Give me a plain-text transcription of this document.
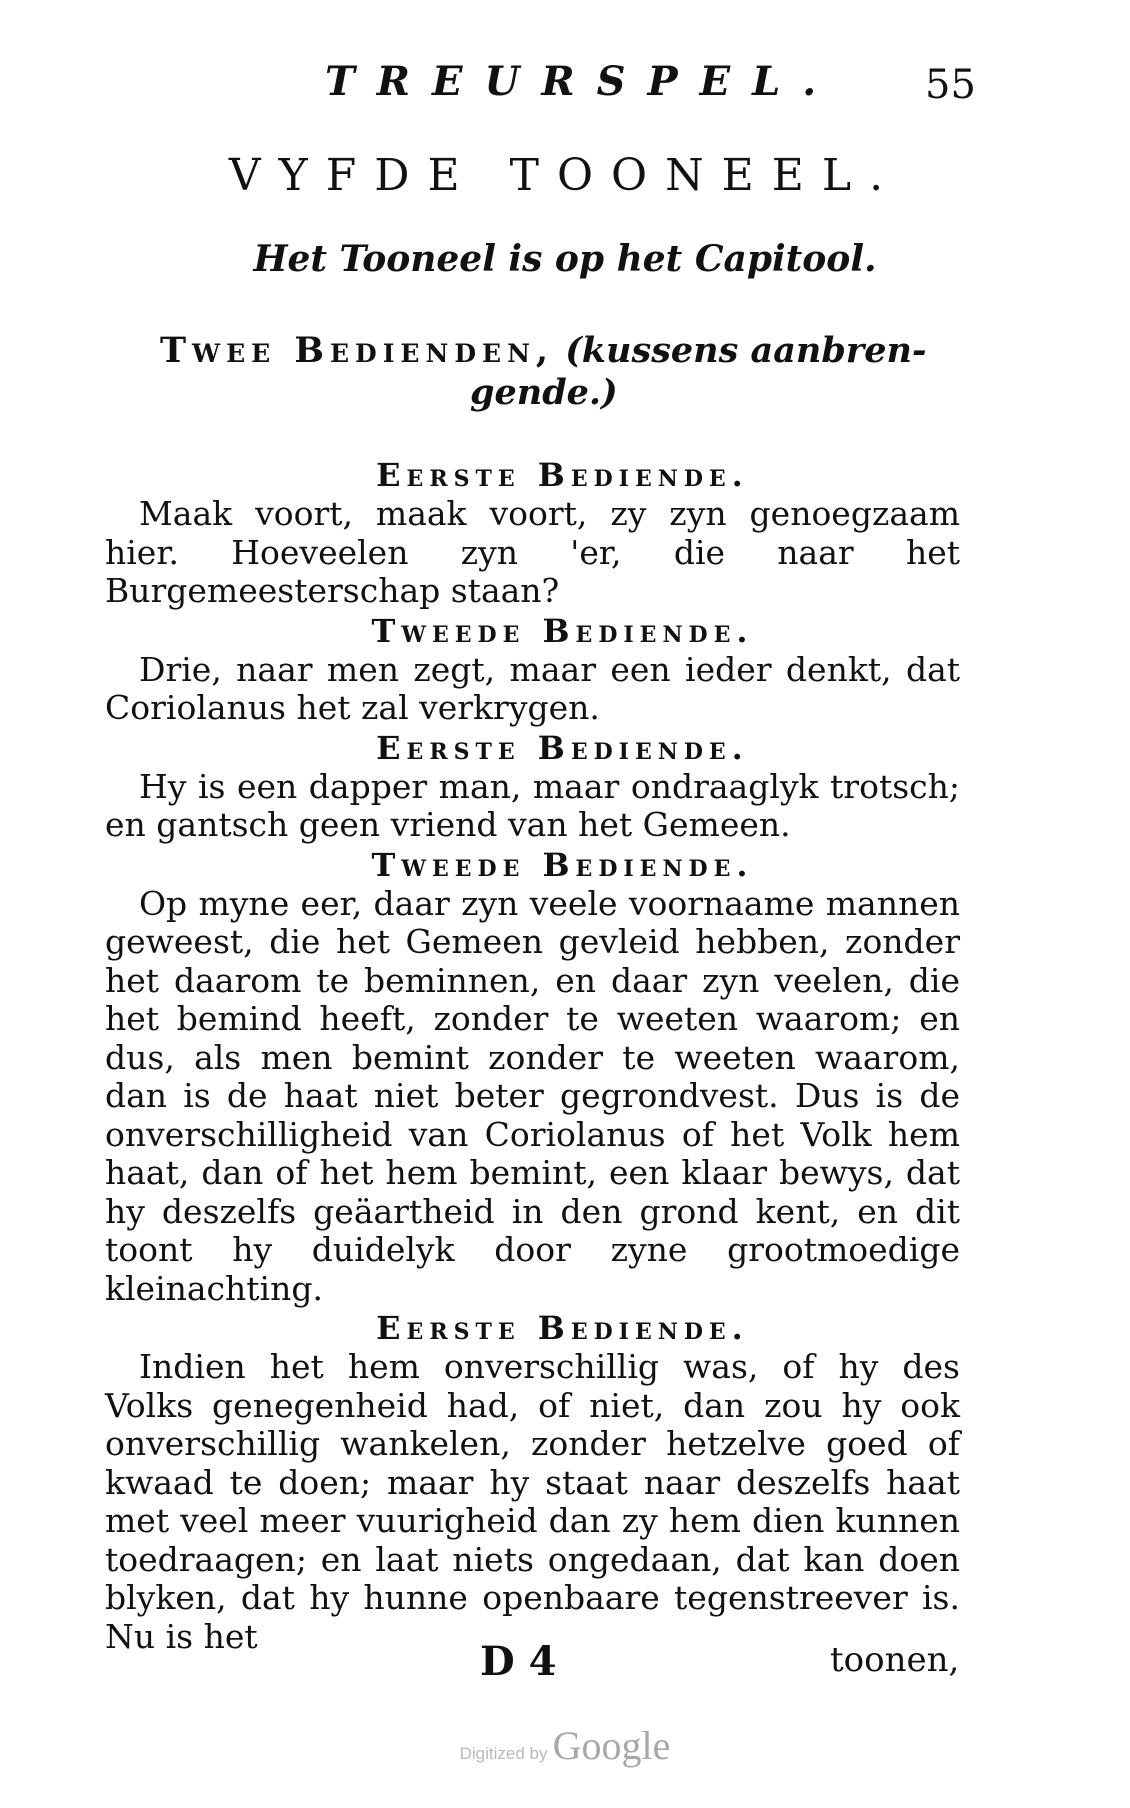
TREURSPEL. 55
VYFDE TOONEEL.
Het Tooneel is op het Capitool.
Twee Bedienden, (kussens aanbren-
gende.)
Eerste Bediende.

Maak voort, maak voort, zy zyn genoegzaam hier. Hoeveelen zyn 'er, die naar het Burgemeesterschap staan?

Tweede Bediende.

Drie, naar men zegt, maar een ieder denkt, dat Coriolanus het zal verkrygen.

Eerste Bediende.

Hy is een dapper man, maar ondraaglyk trotsch; en gantsch geen vriend van het Gemeen.

Tweede Bediende.

Op myne eer, daar zyn veele voornaame mannen geweest, die het Gemeen gevleid hebben, zonder het daarom te beminnen, en daar zyn veelen, die het bemind heeft, zonder te weeten waarom; en dus, als men bemint zonder te weeten waarom, dan is de haat niet beter gegrondvest. Dus is de onverschilligheid van Coriolanus of het Volk hem haat, dan of het hem bemint, een klaar bewys, dat hy deszelfs geäartheid in den grond kent, en dit toont hy duidelyk door zyne grootmoedige kleinachting.

Eerste Bediende.

Indien het hem onverschillig was, of hy des Volks genegenheid had, of niet, dan zou hy ook onverschillig wankelen, zonder hetzelve goed of kwaad te doen; maar hy staat naar deszelfs haat met veel meer vuurigheid dan zy hem dien kunnen toedraagen; en laat niets ongedaan, dat kan doen blyken, dat hy hunne openbaare tegenstreever is. Nu is het

D 4	toonen,
Digitized by Google
